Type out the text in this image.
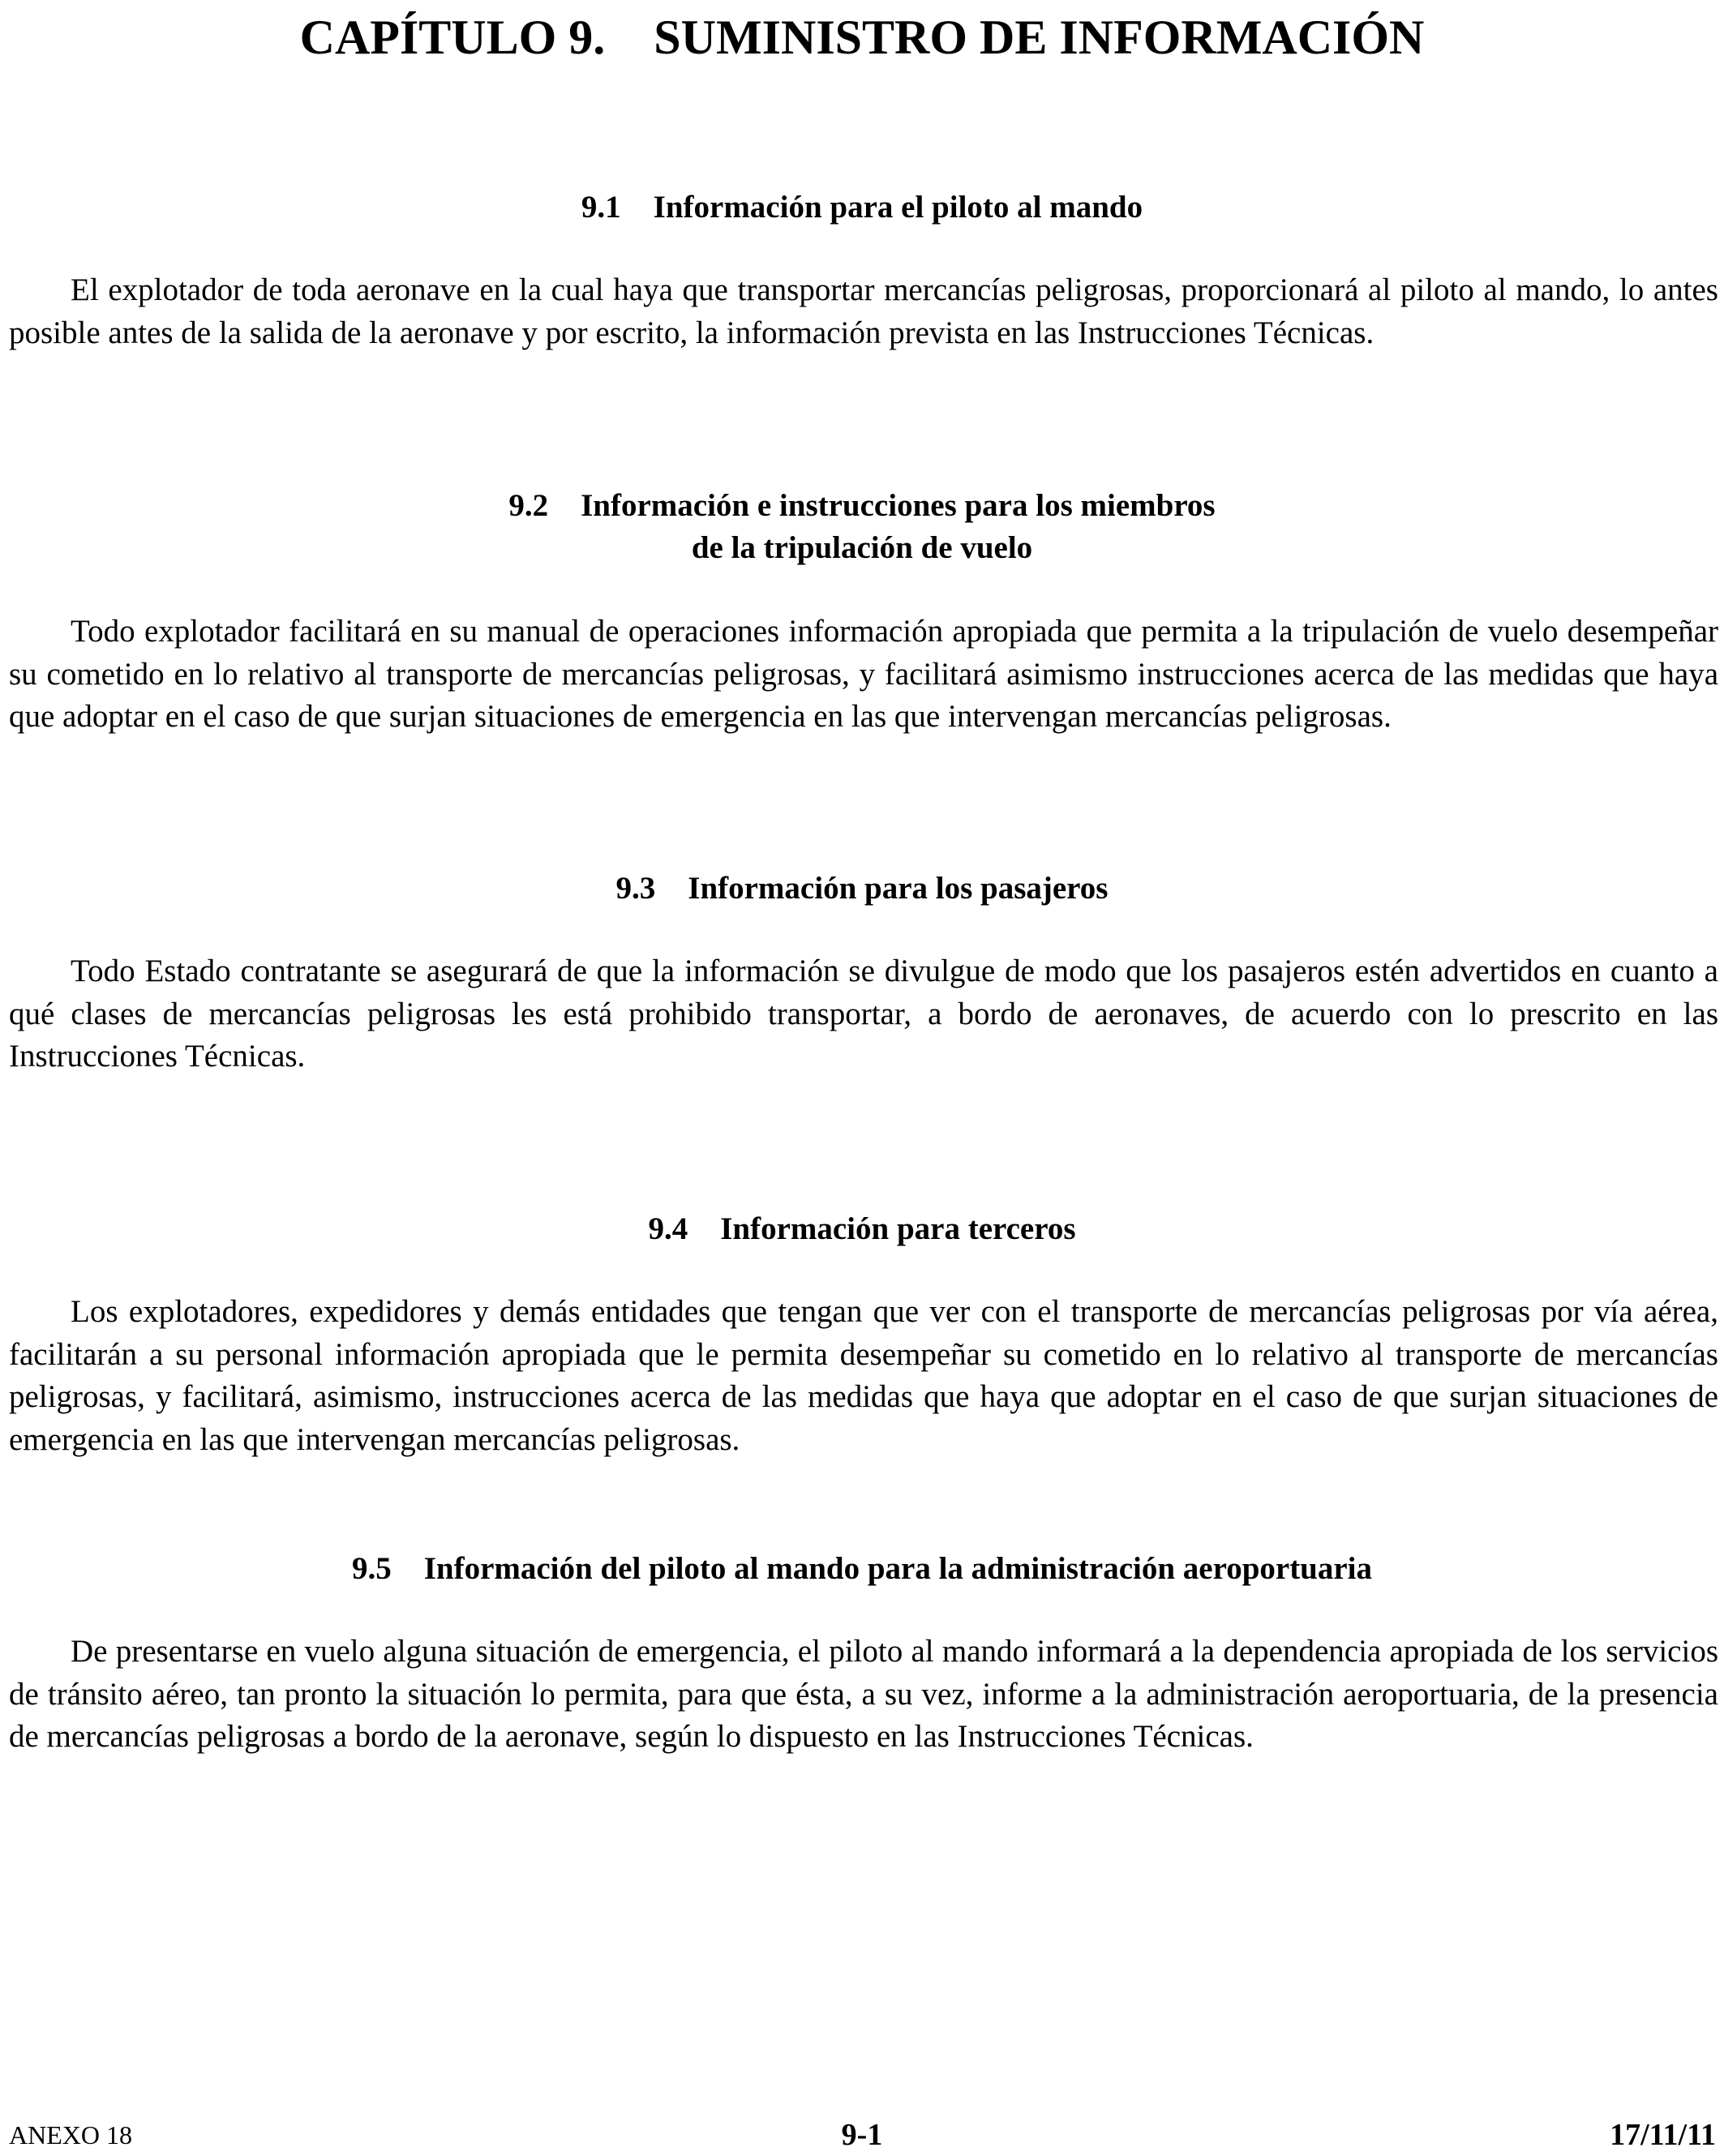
CAPÍTULO 9.    SUMINISTRO DE INFORMACIÓN
9.1 Información para el piloto al mando

El explotador de toda aeronave en la cual haya que transportar mercancías peligrosas, proporcionará al piloto al mando, lo antes posible antes de la salida de la aeronave y por escrito, la información prevista en las Instrucciones Técnicas.

9.2 Información e instrucciones para los miembros
de la tripulación de vuelo

Todo explotador facilitará en su manual de operaciones información apropiada que permita a la tripulación de vuelo desempeñar su cometido en lo relativo al transporte de mercancías peligrosas, y facilitará asimismo instrucciones acerca de las medidas que haya que adoptar en el caso de que surjan situaciones de emergencia en las que intervengan mercancías peligrosas.

9.3 Información para los pasajeros

Todo Estado contratante se asegurará de que la información se divulgue de modo que los pasajeros estén advertidos en cuanto a qué clases de mercancías peligrosas les está prohibido transportar, a bordo de aeronaves, de acuerdo con lo prescrito en las Instrucciones Técnicas.

9.4 Información para terceros

Los explotadores, expedidores y demás entidades que tengan que ver con el transporte de mercancías peligrosas por vía aérea, facilitarán a su personal información apropiada que le permita desempeñar su cometido en lo relativo al transporte de mercancías peligrosas, y facilitará, asimismo, instrucciones acerca de las medidas que haya que adoptar en el caso de que surjan situaciones de emergencia en las que intervengan mercancías peligrosas.

9.5 Información del piloto al mando para la administración aeroportuaria

De presentarse en vuelo alguna situación de emergencia, el piloto al mando informará a la dependencia apropiada de los servicios de tránsito aéreo, tan pronto la situación lo permita, para que ésta, a su vez, informe a la administración aeroportuaria, de la presencia de mercancías peligrosas a bordo de la aeronave, según lo dispuesto en las Instrucciones Técnicas.

ANEXO 18	9-1	17/11/11
